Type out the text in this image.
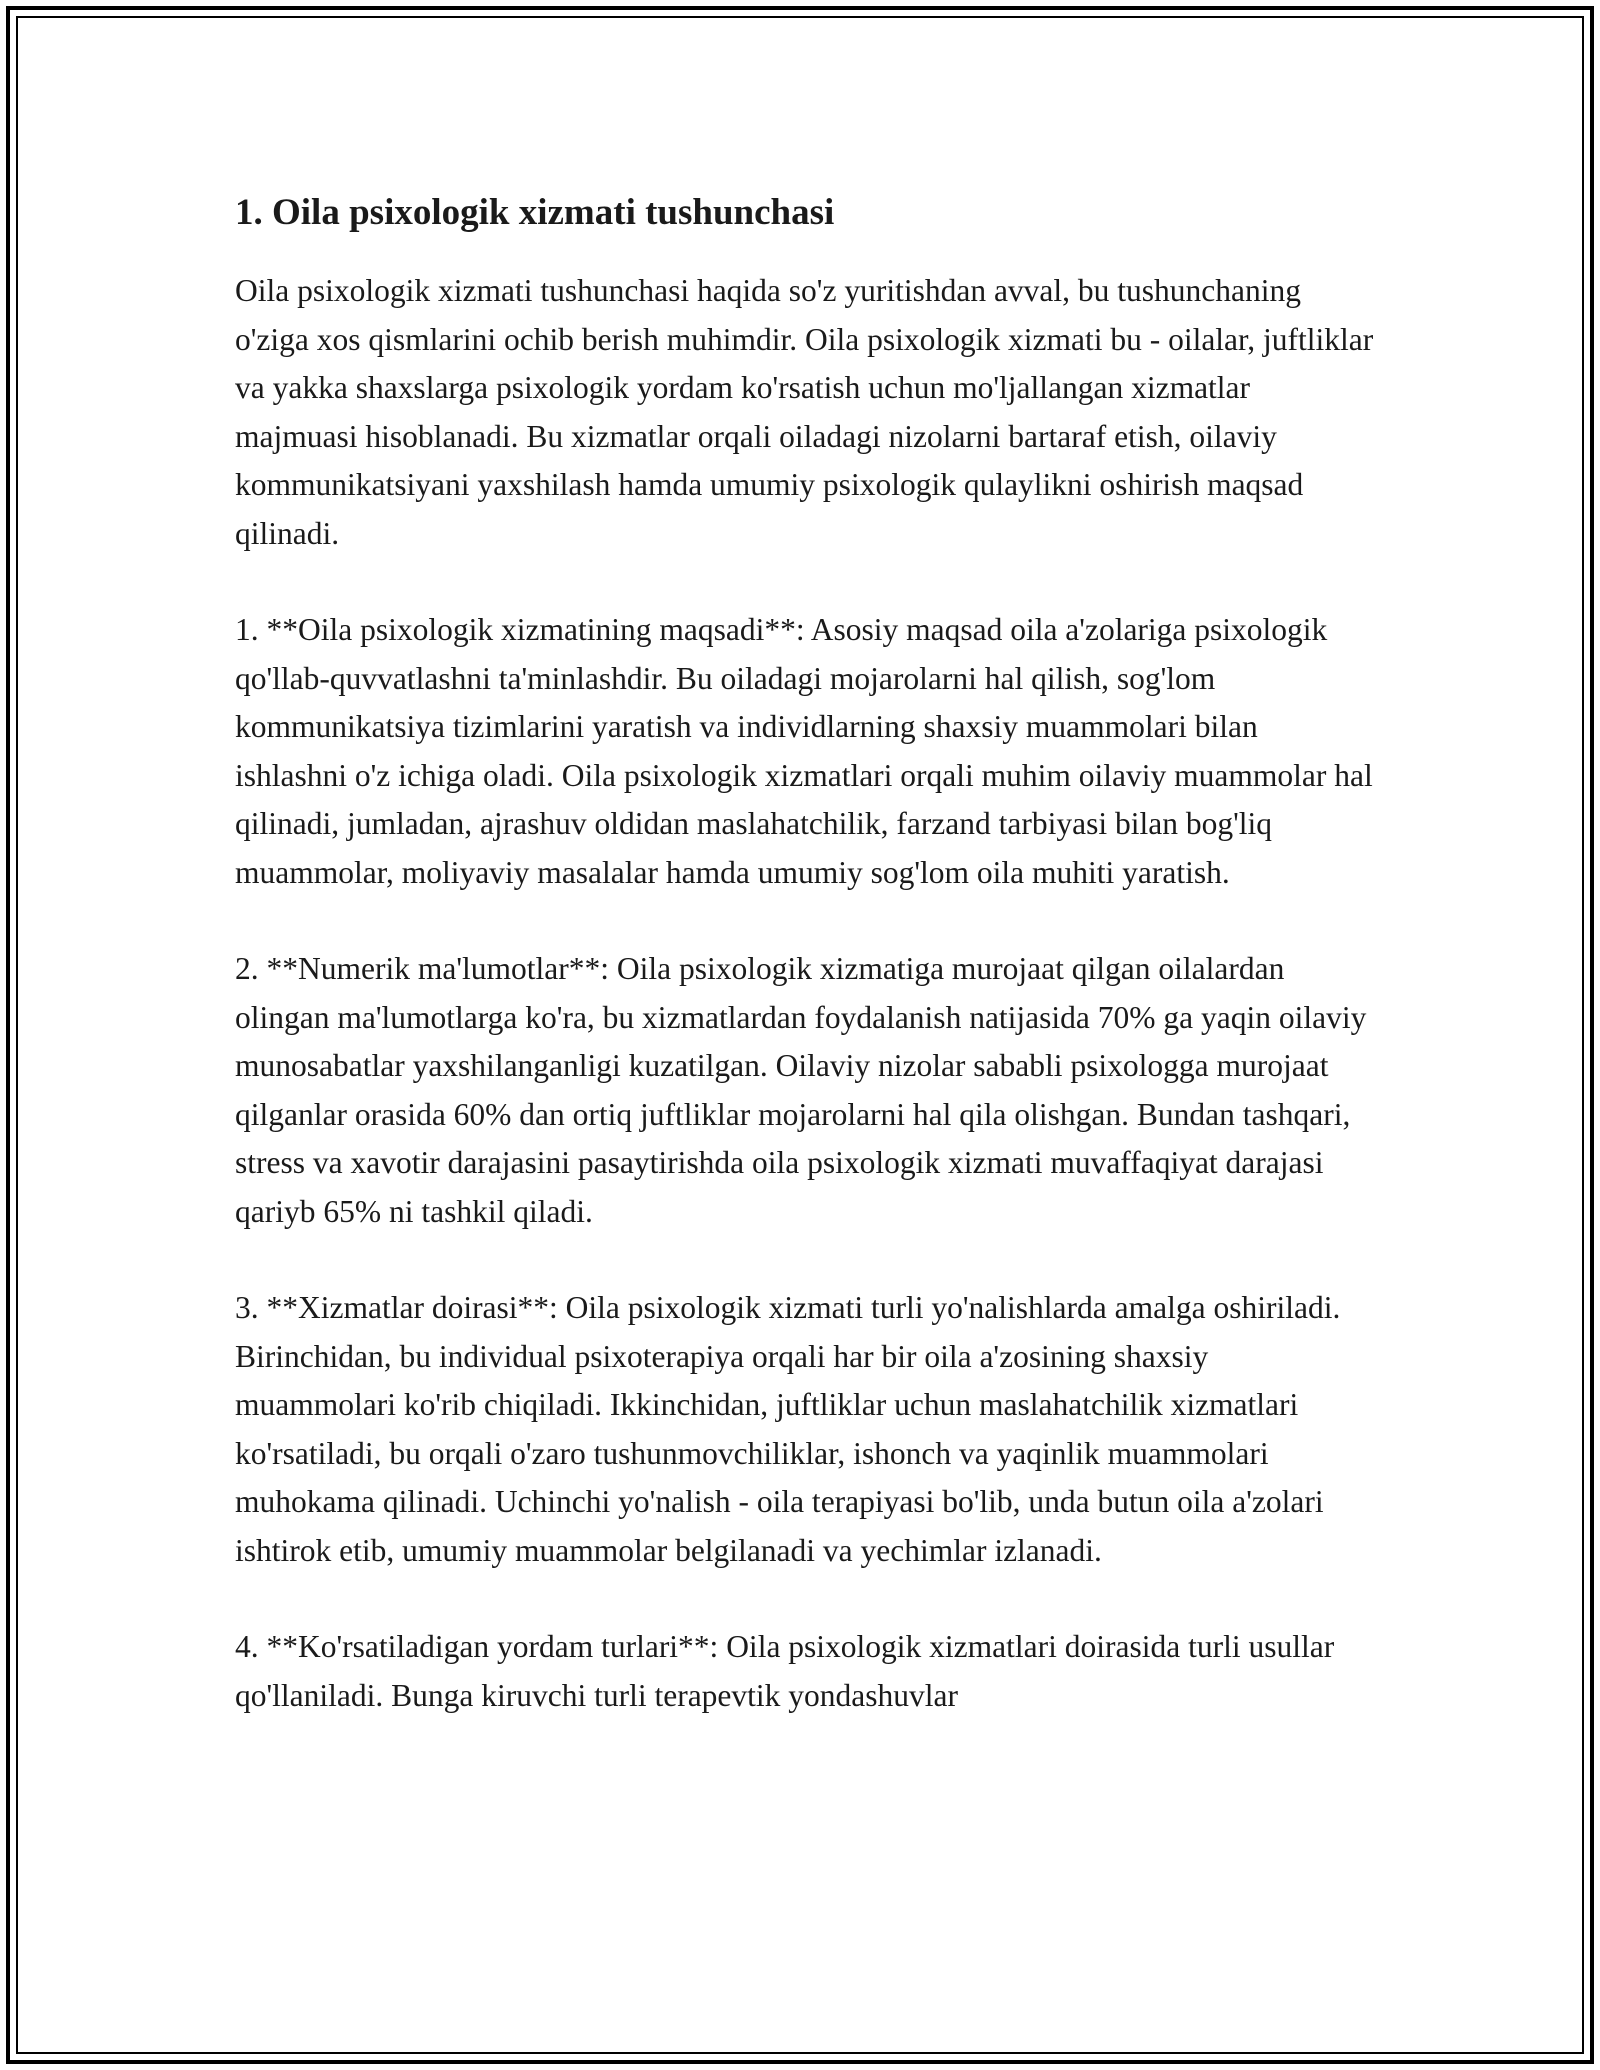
1. Oila psixologik xizmati tushunchasi

Oila psixologik xizmati tushunchasi haqida so'z yuritishdan avval, bu tushunchaning o'ziga xos qismlarini ochib berish muhimdir. Oila psixologik xizmati bu - oilalar, juftliklar va yakka shaxslarga psixologik yordam ko'rsatish uchun mo'ljallangan xizmatlar majmuasi hisoblanadi. Bu xizmatlar orqali oiladagi nizolarni bartaraf etish, oilaviy kommunikatsiyani yaxshilash hamda umumiy psixologik qulaylikni oshirish maqsad qilinadi.

1. **Oila psixologik xizmatining maqsadi**: Asosiy maqsad oila a'zolariga psixologik qo'llab-quvvatlashni ta'minlashdir. Bu oiladagi mojarolarni hal qilish, sog'lom kommunikatsiya tizimlarini yaratish va individlarning shaxsiy muammolari bilan ishlashni o'z ichiga oladi. Oila psixologik xizmatlari orqali muhim oilaviy muammolar hal qilinadi, jumladan, ajrashuv oldidan maslahatchilik, farzand tarbiyasi bilan bog'liq muammolar, moliyaviy masalalar hamda umumiy sog'lom oila muhiti yaratish.

2. **Numerik ma'lumotlar**: Oila psixologik xizmatiga murojaat qilgan oilalardan olingan ma'lumotlarga ko'ra, bu xizmatlardan foydalanish natijasida 70% ga yaqin oilaviy munosabatlar yaxshilanganligi kuzatilgan. Oilaviy nizolar sababli psixologga murojaat qilganlar orasida 60% dan ortiq juftliklar mojarolarni hal qila olishgan. Bundan tashqari, stress va xavotir darajasini pasaytirishda oila psixologik xizmati muvaffaqiyat darajasi qariyb 65% ni tashkil qiladi.

3. **Xizmatlar doirasi**: Oila psixologik xizmati turli yo'nalishlarda amalga oshiriladi. Birinchidan, bu individual psixoterapiya orqali har bir oila a'zosining shaxsiy muammolari ko'rib chiqiladi. Ikkinchidan, juftliklar uchun maslahatchilik xizmatlari ko'rsatiladi, bu orqali o'zaro tushunmovchiliklar, ishonch va yaqinlik muammolari muhokama qilinadi. Uchinchi yo'nalish - oila terapiyasi bo'lib, unda butun oila a'zolari ishtirok etib, umumiy muammolar belgilanadi va yechimlar izlanadi.

4. **Ko'rsatiladigan yordam turlari**: Oila psixologik xizmatlari doirasida turli usullar qo'llaniladi. Bunga kiruvchi turli terapevtik yondashuvlar
